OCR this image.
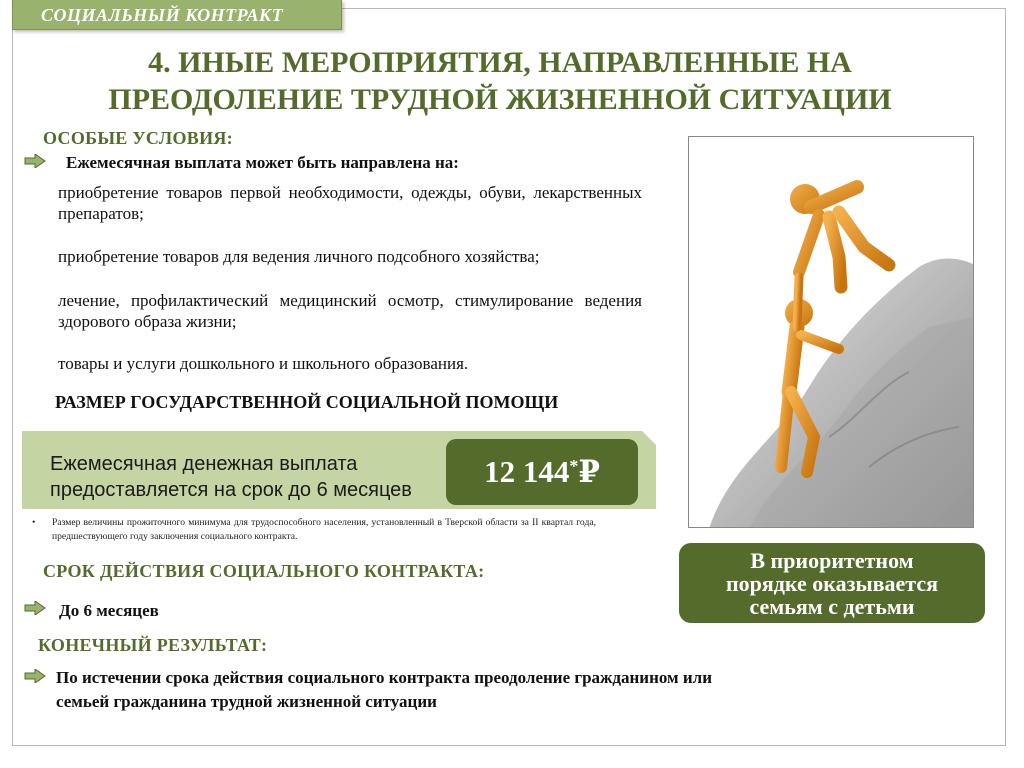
СОЦИАЛЬНЫЙ КОНТРАКТ
4. ИНЫЕ МЕРОПРИЯТИЯ, НАПРАВЛЕННЫЕ НА
ПРЕОДОЛЕНИЕ ТРУДНОЙ ЖИЗНЕННОЙ СИТУАЦИИ
ОСОБЫЕ УСЛОВИЯ:
Ежемесячная выплата может быть направлена на:
приобретение товаров первой необходимости, одежды, обуви, лекарственных препаратов;
приобретение товаров для ведения личного подсобного хозяйства;
лечение, профилактический медицинский осмотр, стимулирование ведения здорового образа жизни;
товары и услуги дошкольного и школьного образования.
РАЗМЕР ГОСУДАРСТВЕННОЙ СОЦИАЛЬНОЙ ПОМОЩИ
Ежемесячная денежная выплата предоставляется на срок до 6 месяцев
12 144*₽
•	Размер величины прожиточного минимума для трудоспособного населения, установленный в Тверской области за II квартал года, предшествующего году заключения социального контракта.
СРОК ДЕЙСТВИЯ СОЦИАЛЬНОГО КОНТРАКТА:
До 6 месяцев
КОНЕЧНЫЙ РЕЗУЛЬТАТ:
По истечении срока действия социального контракта преодоление гражданином или
семьей гражданина трудной жизненной ситуации
В приоритетном
порядке оказывается
семьям с детьми
